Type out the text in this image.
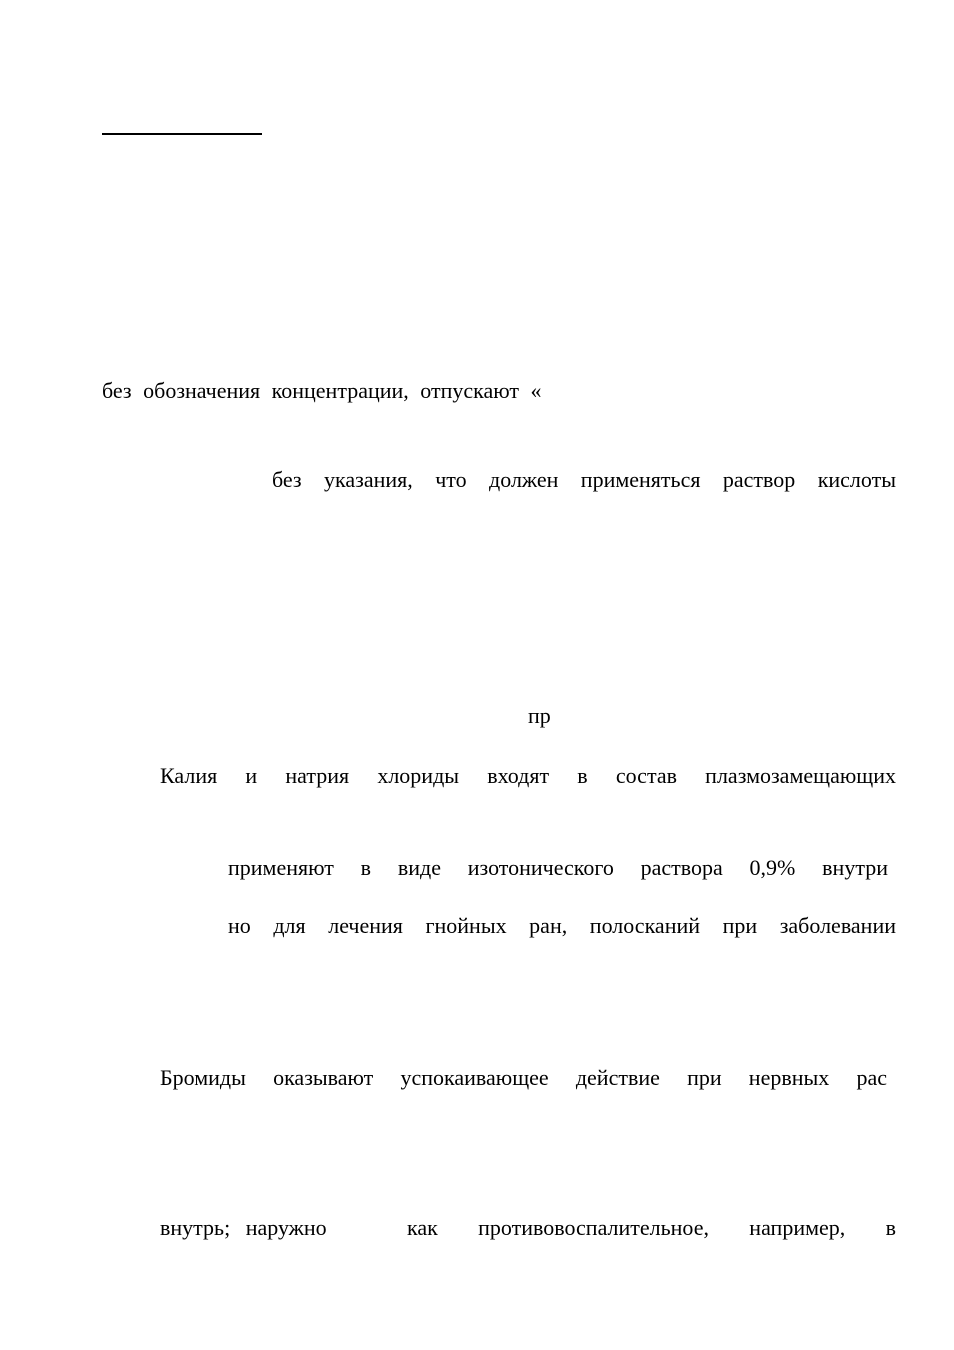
без обозначения концентрации, отпускают «
без указания, что должен применяться раствор кислоты
пр
Калия и натрия хлориды входят в состав плазмозамещающих
применяют в виде изотонического раствора 0,9% внутри
но для лечения гнойных ран, полосканий при заболевании
Бромиды оказывают успокаивающее действие при нервных рас
внутрь; наружно	как противовоспалительное, например, в
